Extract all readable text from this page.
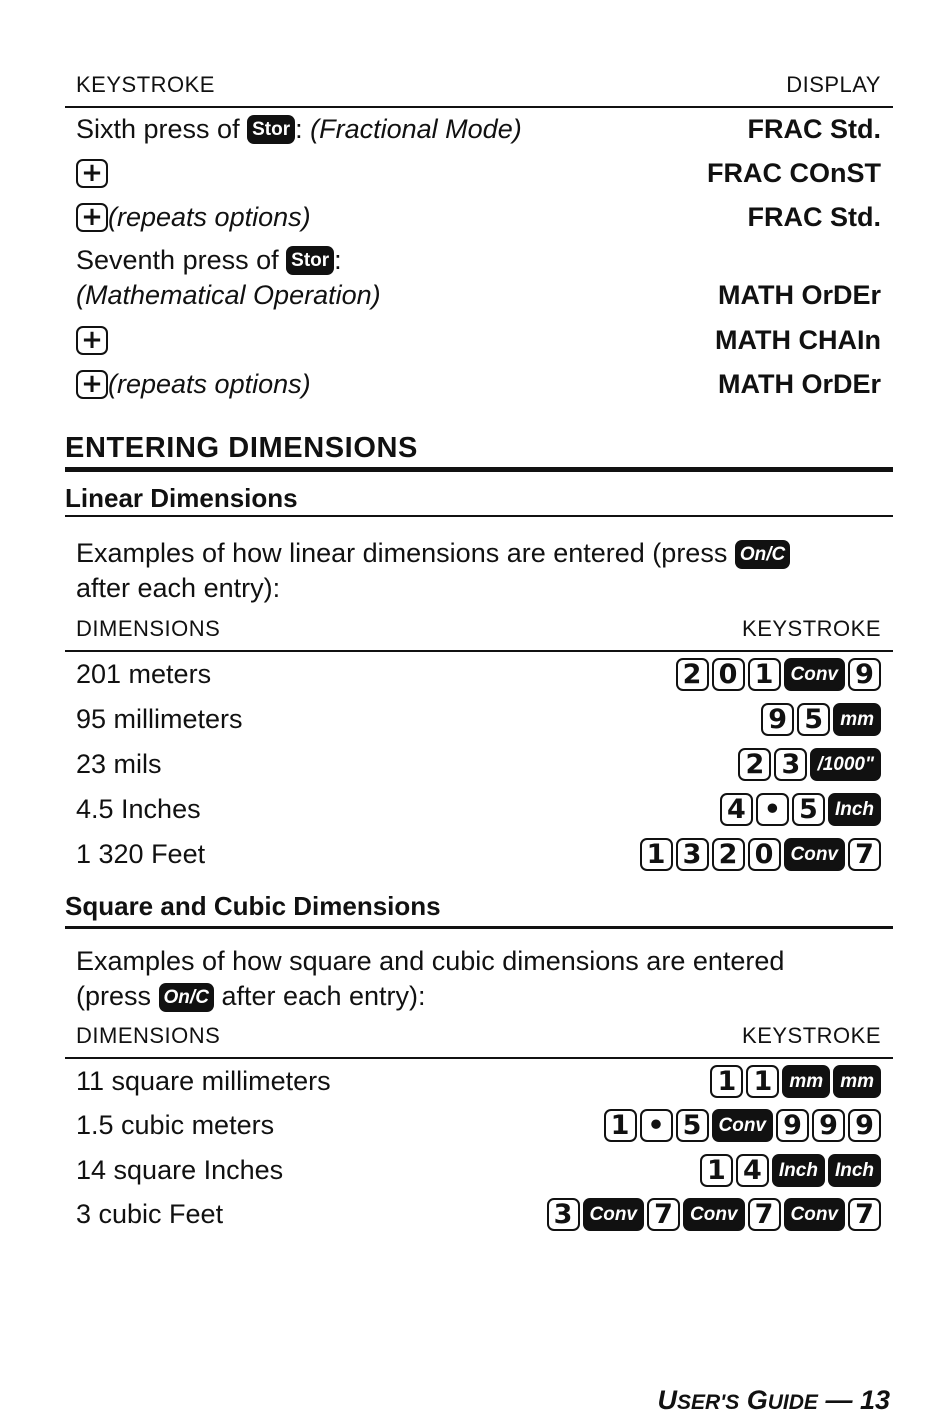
KEYSTROKE	DISPLAY
Sixth press of
Stor :
(Fractional Mode)	FRAC Std.
+	FRAC COnST
+ (repeats options)	FRAC Std.
Seventh press of
Stor :
(Mathematical Operation)	MATH OrDEr
+	MATH CHAIn
+ (repeats options)	MATH OrDEr
ENTERING DIMENSIONS
Linear Dimensions
Examples of how linear dimensions are entered (press On/C
after each entry):
DIMENSIONS	KEYSTROKE
201 meters	2 0 1 Conv 9
95 millimeters	9 5 mm
23 mils	2 3 /1000"
4.5 Inches	4 • 5 Inch
1 320 Feet	1 3 2 0 Conv 7
Square and Cubic Dimensions
Examples of how square and cubic dimensions are entered
(press On/C after each entry):
DIMENSIONS	KEYSTROKE
11 square millimeters	1 1 mm mm
1.5 cubic meters	1 • 5 Conv 9 9 9
14 square Inches	1 4 Inch Inch
3 cubic Feet	3 Conv 7 Conv 7 Conv 7
USER'S GUIDE — 13
